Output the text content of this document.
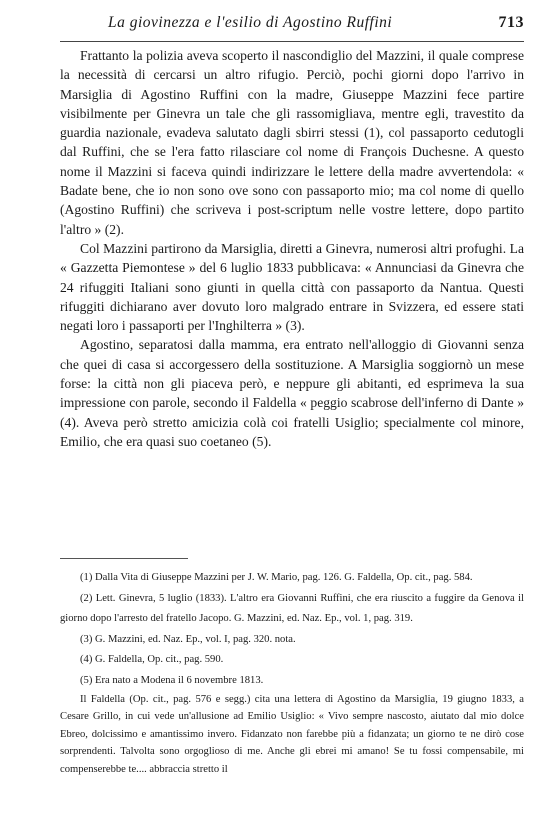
La giovinezza e l'esilio di Agostino Ruffini	713

Frattanto la polizia aveva scoperto il nascondiglio del Mazzini, il quale comprese la necessità di cercarsi un altro rifugio. Perciò, pochi giorni dopo l'arrivo in Marsiglia di Agostino Ruffini con la madre, Giuseppe Mazzini fece partire visibilmente per Ginevra un tale che gli rassomigliava, mentre egli, travestito da guardia nazionale, evadeva salutato dagli sbirri stessi (1), col passaporto cedutogli dal Ruffini, che se l'era fatto rilasciare col nome di François Duchesne. A questo nome il Mazzini si faceva quindi indirizzare le lettere della madre avvertendola: « Badate bene, che io non sono ove sono con passaporto mio; ma col nome di quello (Agostino Ruffini) che scriveva i post-scriptum nelle vostre lettere, dopo partito l'altro » (2).

Col Mazzini partirono da Marsiglia, diretti a Ginevra, numerosi altri profughi. La « Gazzetta Piemontese » del 6 luglio 1833 pubblicava: « Annunciasi da Ginevra che 24 rifuggiti Italiani sono giunti in quella città con passaporto da Nantua. Questi rifuggiti dichiarano aver dovuto loro malgrado entrare in Svizzera, ed essere stati negati loro i passaporti per l'Inghilterra » (3).

Agostino, separatosi dalla mamma, era entrato nell'alloggio di Giovanni senza che quei di casa si accorgessero della sostituzione. A Marsiglia soggiornò un mese forse: la città non gli piaceva però, e neppure gli abitanti, ed esprimeva la sua impressione con parole, secondo il Faldella « peggio scabrose dell'inferno di Dante » (4). Aveva però stretto amicizia colà coi fratelli Usiglio; specialmente col minore, Emilio, che era quasi suo coetaneo (5).

(1) Dalla Vita di Giuseppe Mazzini per J. W. Mario, pag. 126. G. Faldella, Op. cit., pag. 584.

(2) Lett. Ginevra, 5 luglio (1833). L'altro era Giovanni Ruffini, che era riuscito a fuggire da Genova il giorno dopo l'arresto del fratello Jacopo. G. Mazzini, ed. Naz. Ep., vol. 1, pag. 319.

(3) G. Mazzini, ed. Naz. Ep., vol. I, pag. 320. nota.

(4) G. Faldella, Op. cit., pag. 590.

(5) Era nato a Modena il 6 novembre 1813.

Il Faldella (Op. cit., pag. 576 e segg.) cita una lettera di Agostino da Marsiglia, 19 giugno 1833, a Cesare Grillo, in cui vede un'allusione ad Emilio Usiglio: « Vivo sempre nascosto, aiutato dal mio dolce Ebreo, dolcissimo e amantissimo invero. Fidanzato non farebbe più a fidanzata; un giorno te ne dirò cose sorprendenti. Talvolta sono orgoglioso di me. Anche gli ebrei mi amano! Se tu fossi compensabile, mi compenserebbe te.... abbraccia stretto il
